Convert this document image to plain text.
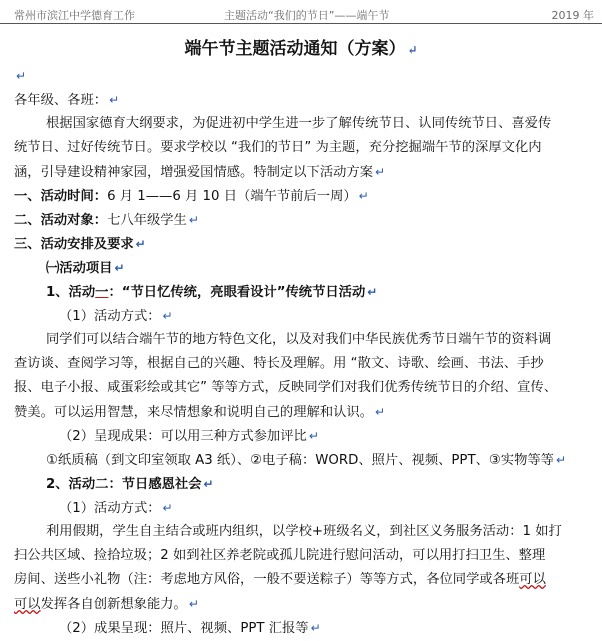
常州市滨江中学德育工作	主题活动“我们的节日”——端午节	2019 年
端午节主题活动通知（方案） ↵
↵
各年级、各班： ↵
根据国家德育大纲要求，为促进初中学生进一步了解传统节日、认同传统节日、喜爱传
统节日、过好传统节日。要求学校以 “我们的节日” 为主题，充分挖掘端午节的深厚文化内
涵，引导建设精神家园，增强爱国情感。特制定以下活动方案 ↵
一、活动时间：6 月 1——6 月 10 日（端午节前后一周） ↵
二、活动对象：七八年级学生 ↵
三、活动安排及要求 ↵
㈠活动项目 ↵
1、活动一：“节日忆传统，亮眼看设计”传统节日活动 ↵
（1）活动方式： ↵
同学们可以结合端午节的地方特色文化，以及对我们中华民族优秀节日端午节的资料调
查访谈、查阅学习等，根据自己的兴趣、特长及理解。用 “散文、诗歌、绘画、书法、手抄
报、电子小报、咸蛋彩绘或其它” 等等方式，反映同学们对我们优秀传统节日的介绍、宣传、
赞美。可以运用智慧，来尽情想象和说明自己的理解和认识。 ↵
（2）呈现成果：可以用三种方式参加评比 ↵
①纸质稿（到文印室领取 A3 纸）、②电子稿：WORD、照片、视频、PPT、③实物等等 ↵
2、活动二：节日感恩社会 ↵
（1）活动方式： ↵
利用假期，学生自主结合或班内组织，以学校+班级名义，到社区义务服务活动：1 如打
扫公共区域、捡拾垃圾；2 如到社区养老院或孤儿院进行慰问活动，可以用打扫卫生、整理
房间、送些小礼物（注：考虑地方风俗，一般不要送粽子）等等方式，各位同学或各班可以
可以发挥各自创新想象能力。 ↵
（2）成果呈现：照片、视频、PPT 汇报等 ↵
